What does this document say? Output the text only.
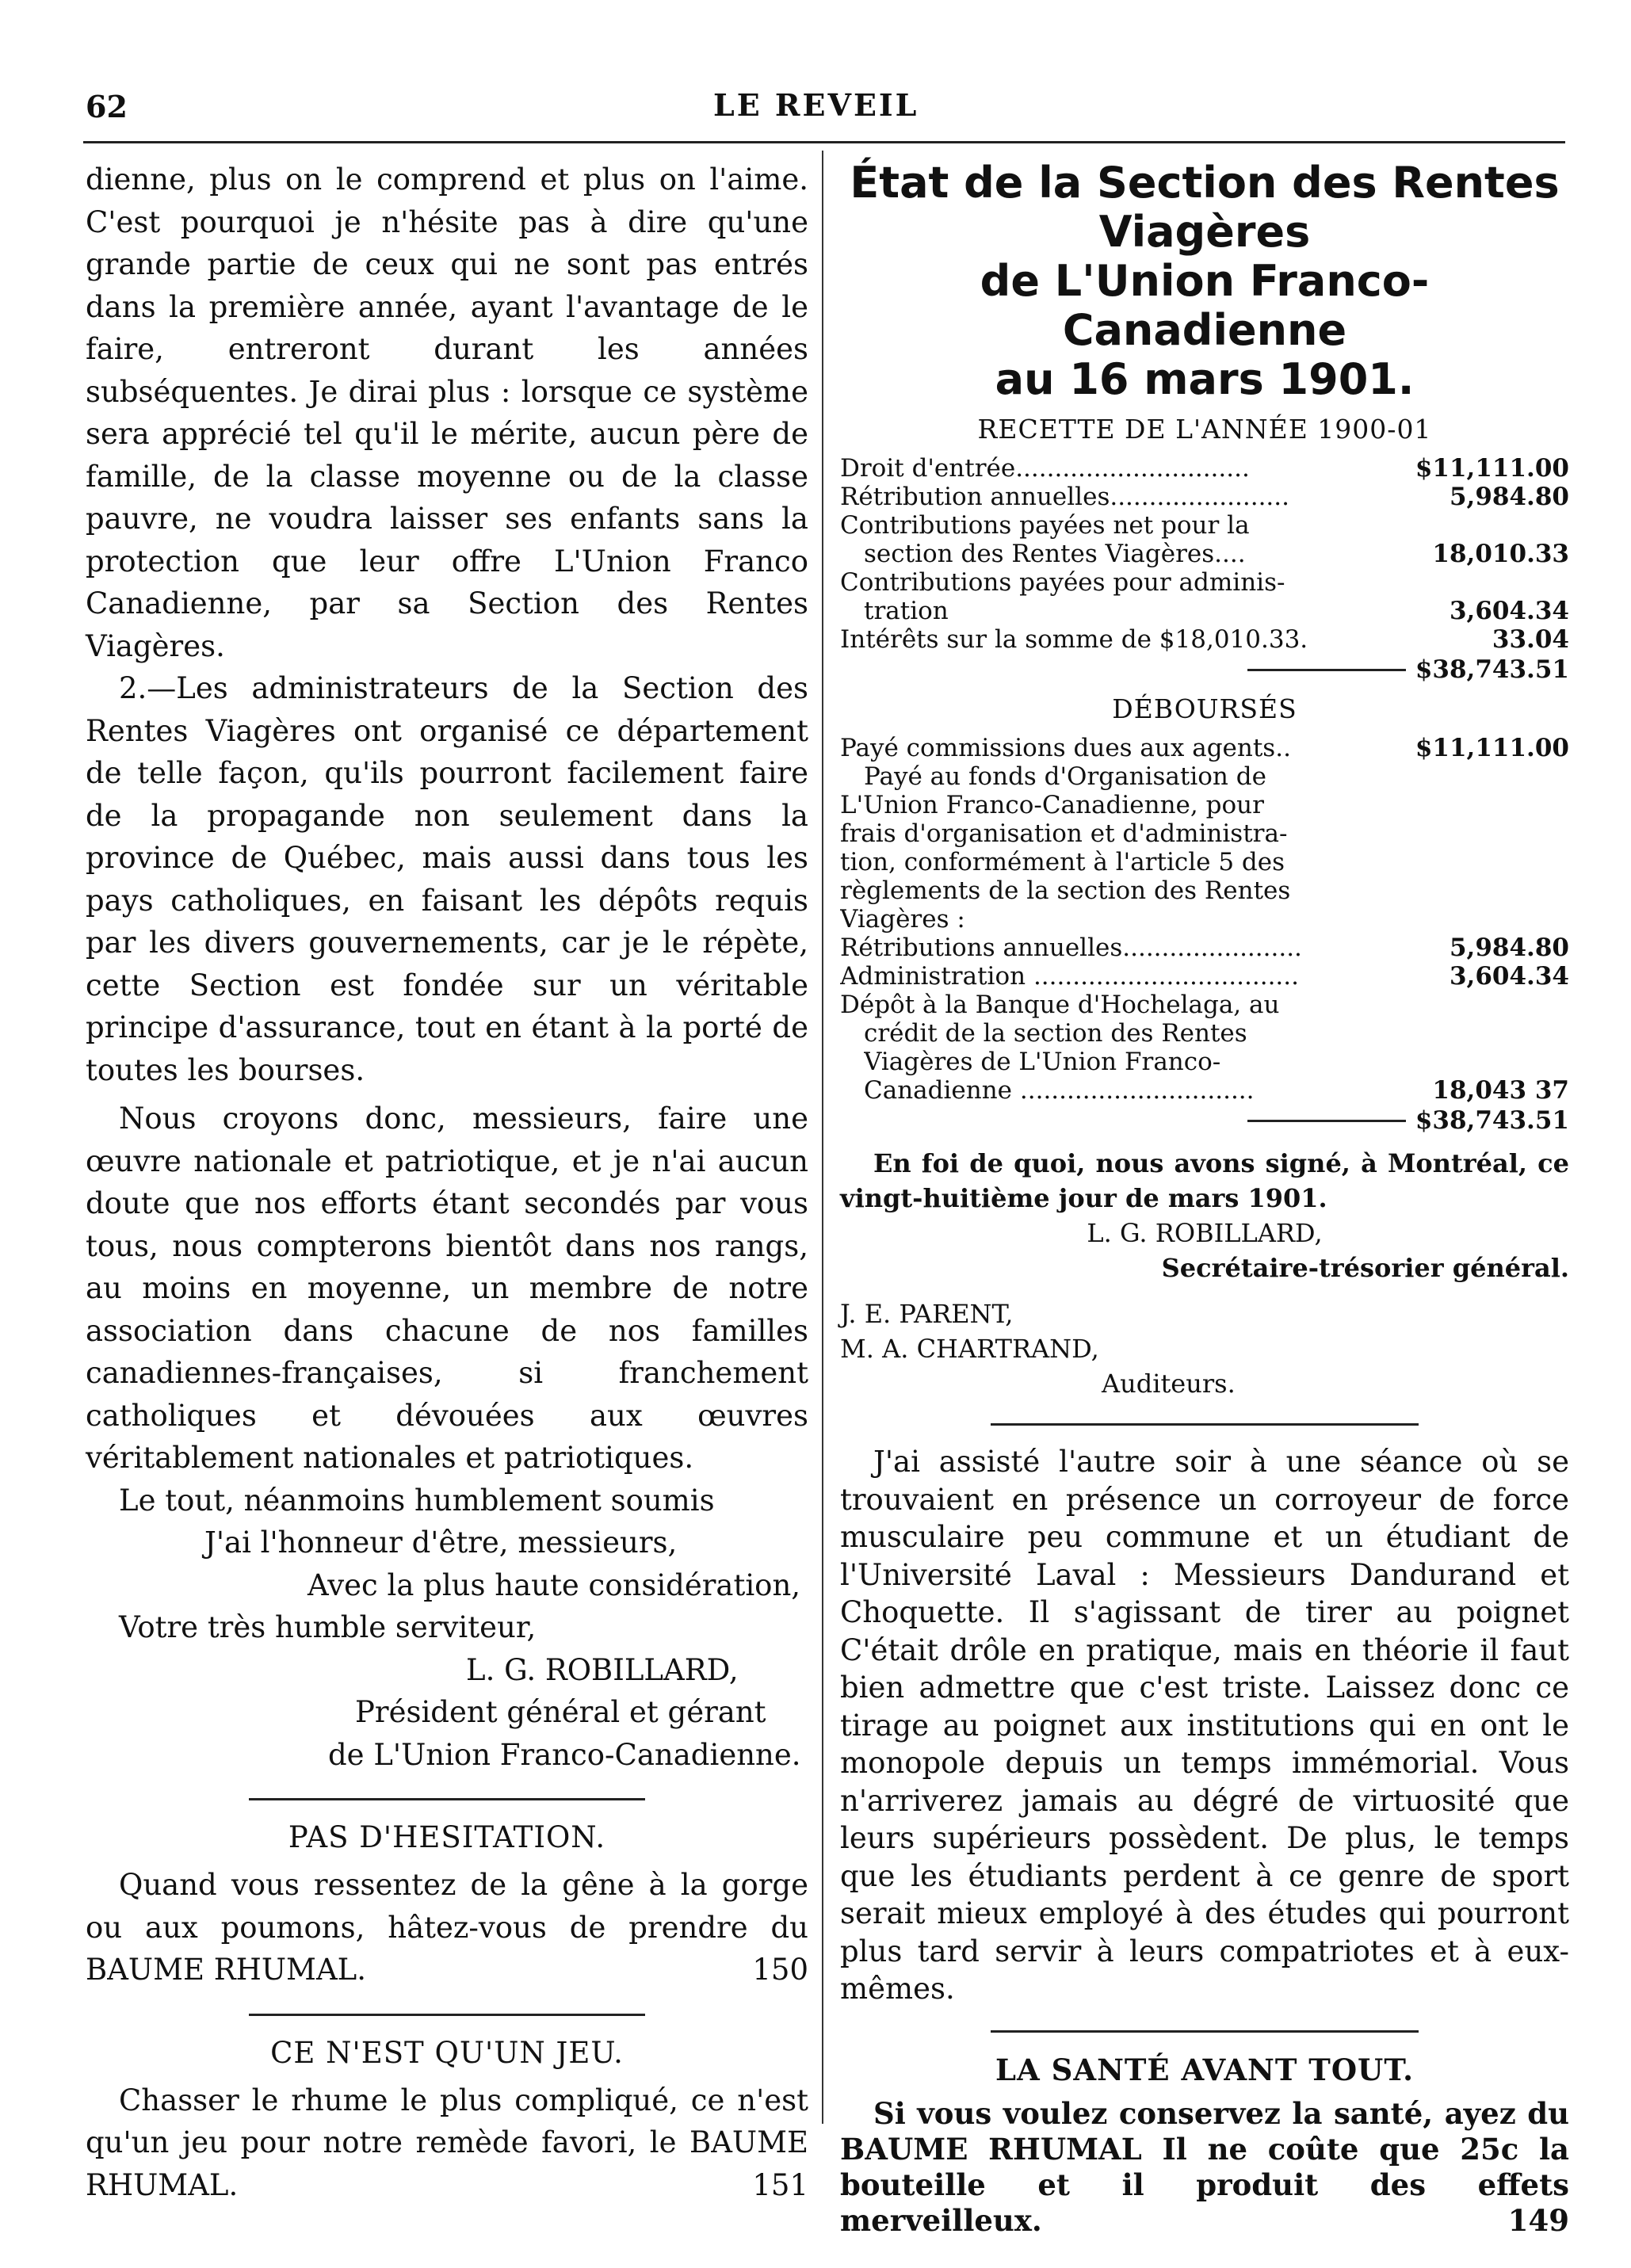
62	LE REVEIL

dienne, plus on le comprend et plus on l'aime. C'est pourquoi je n'hésite pas à dire qu'une grande partie de ceux qui ne sont pas entrés dans la première année, ayant l'avantage de le faire, entreront durant les années subséquentes. Je dirai plus : lorsque ce système sera apprécié tel qu'il le mérite, aucun père de famille, de la classe moyenne ou de la classe pauvre, ne voudra laisser ses enfants sans la protection que leur offre L'Union Franco Canadienne, par sa Section des Rentes Viagères.

2.—Les administrateurs de la Section des Rentes Viagères ont organisé ce département de telle façon, qu'ils pourront facilement faire de la propagande non seulement dans la province de Québec, mais aussi dans tous les pays catholiques, en faisant les dépôts requis par les divers gouvernements, car je le répète, cette Section est fondée sur un véritable principe d'assurance, tout en étant à la porté de toutes les bourses.

Nous croyons donc, messieurs, faire une œuvre nationale et patriotique, et je n'ai aucun doute que nos efforts étant secondés par vous tous, nous compterons bientôt dans nos rangs, au moins en moyenne, un membre de notre association dans chacune de nos familles canadiennes-françaises, si franchement catholiques et dévouées aux œuvres véritablement nationales et patriotiques.

Le tout, néanmoins humblement soumis

J'ai l'honneur d'être, messieurs,

Avec la plus haute considération,

Votre très humble serviteur,

L. G. ROBILLARD,

Président général et gérant

de L'Union Franco-Canadienne.

PAS D'HESITATION.

Quand vous ressentez de la gêne à la gorge ou aux poumons, hâtez-vous de prendre du BAUME RHUMAL.	150

CE N'EST QU'UN JEU.

Chasser le rhume le plus compliqué, ce n'est qu'un jeu pour notre remède favori, le BAUME RHUMAL.	151

État de la Section des Rentes Viagères

de L'Union Franco-Canadienne

au 16 mars 1901.

RECETTE DE L'ANNÉE 1900-01
Droit d'entrée..............................	$11,111.00
Rétribution annuelles.......................	5,984.80
Contributions payées net pour la
section des Rentes Viagères....	18,010.33
Contributions payées pour adminis-
tration	3,604.34
Intérêts sur la somme de $18,010.33.	33.04
$38,743.51
DÉBOURSÉS
Payé commissions dues aux agents..	$11,111.00
Payé au fonds d'Organisation de
L'Union Franco-Canadienne, pour
frais d'organisation et d'administra-
tion, conformément à l'article 5 des
règlements de la section des Rentes
Viagères :
Rétributions annuelles.......................	5,984.80
Administration ..................................	3,604.34
Dépôt à la Banque d'Hochelaga, au
crédit de la section des Rentes
Viagères de L'Union Franco-
Canadienne ..............................	18,043 37
$38,743.51

En foi de quoi, nous avons signé, à Montréal, ce vingt-huitième jour de mars 1901.

L. G. ROBILLARD,
Secrétaire-trésorier général.
J. E. PARENT,
M. A. CHARTRAND,
Auditeurs.

J'ai assisté l'autre soir à une séance où se trouvaient en présence un corroyeur de force musculaire peu commune et un étudiant de l'Université Laval : Messieurs Dandurand et Choquette. Il s'agissant de tirer au poignet C'était drôle en pratique, mais en théorie il faut bien admettre que c'est triste. Laissez donc ce tirage au poignet aux institutions qui en ont le monopole depuis un temps immémorial. Vous n'arriverez jamais au dégré de virtuosité que leurs supérieurs possèdent. De plus, le temps que les étudiants perdent à ce genre de sport serait mieux employé à des études qui pourront plus tard servir à leurs compatriotes et à eux-mêmes.

LA SANTÉ AVANT TOUT.

Si vous voulez conservez la santé, ayez du BAUME RHUMAL Il ne coûte que 25c la bouteille et il produit des effets merveilleux.	149
